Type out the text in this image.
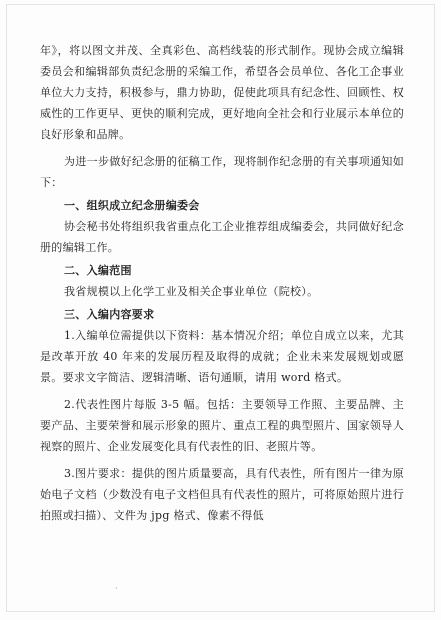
年》，将以图文并茂、全真彩色、高档线装的形式制作。现协会成立编辑委员会和编辑部负责纪念册的采编工作，希望各会员单位、各化工企事业单位大力支持，积极参与，鼎力协助，促使此项具有纪念性、回顾性、权威性的工作更早、更快的顺利完成，更好地向全社会和行业展示本单位的良好形象和品牌。

为进一步做好纪念册的征稿工作，现将制作纪念册的有关事项通知如下：

一、组织成立纪念册编委会

协会秘书处将组织我省重点化工企业推荐组成编委会，共同做好纪念册的编辑工作。

二、入编范围

我省规模以上化学工业及相关企事业单位（院校）。

三、入编内容要求

1.入编单位需提供以下资料：基本情况介绍；单位自成立以来，尤其是改革开放 40 年来的发展历程及取得的成就；企业未来发展规划或愿景。要求文字简洁、逻辑清晰、语句通顺，请用 word 格式。

2.代表性图片每版 3-5 幅。包括：主要领导工作照、主要品牌、主要产品、主要荣誉和展示形象的照片、重点工程的典型照片、国家领导人视察的照片、企业发展变化具有代表性的旧、老照片等。

3.图片要求：提供的图片质量要高，具有代表性，所有图片一律为原始电子文档（少数没有电子文档但具有代表性的照片，可将原始照片进行拍照或扫描）、文件为 jpg 格式、像素不得低

·
